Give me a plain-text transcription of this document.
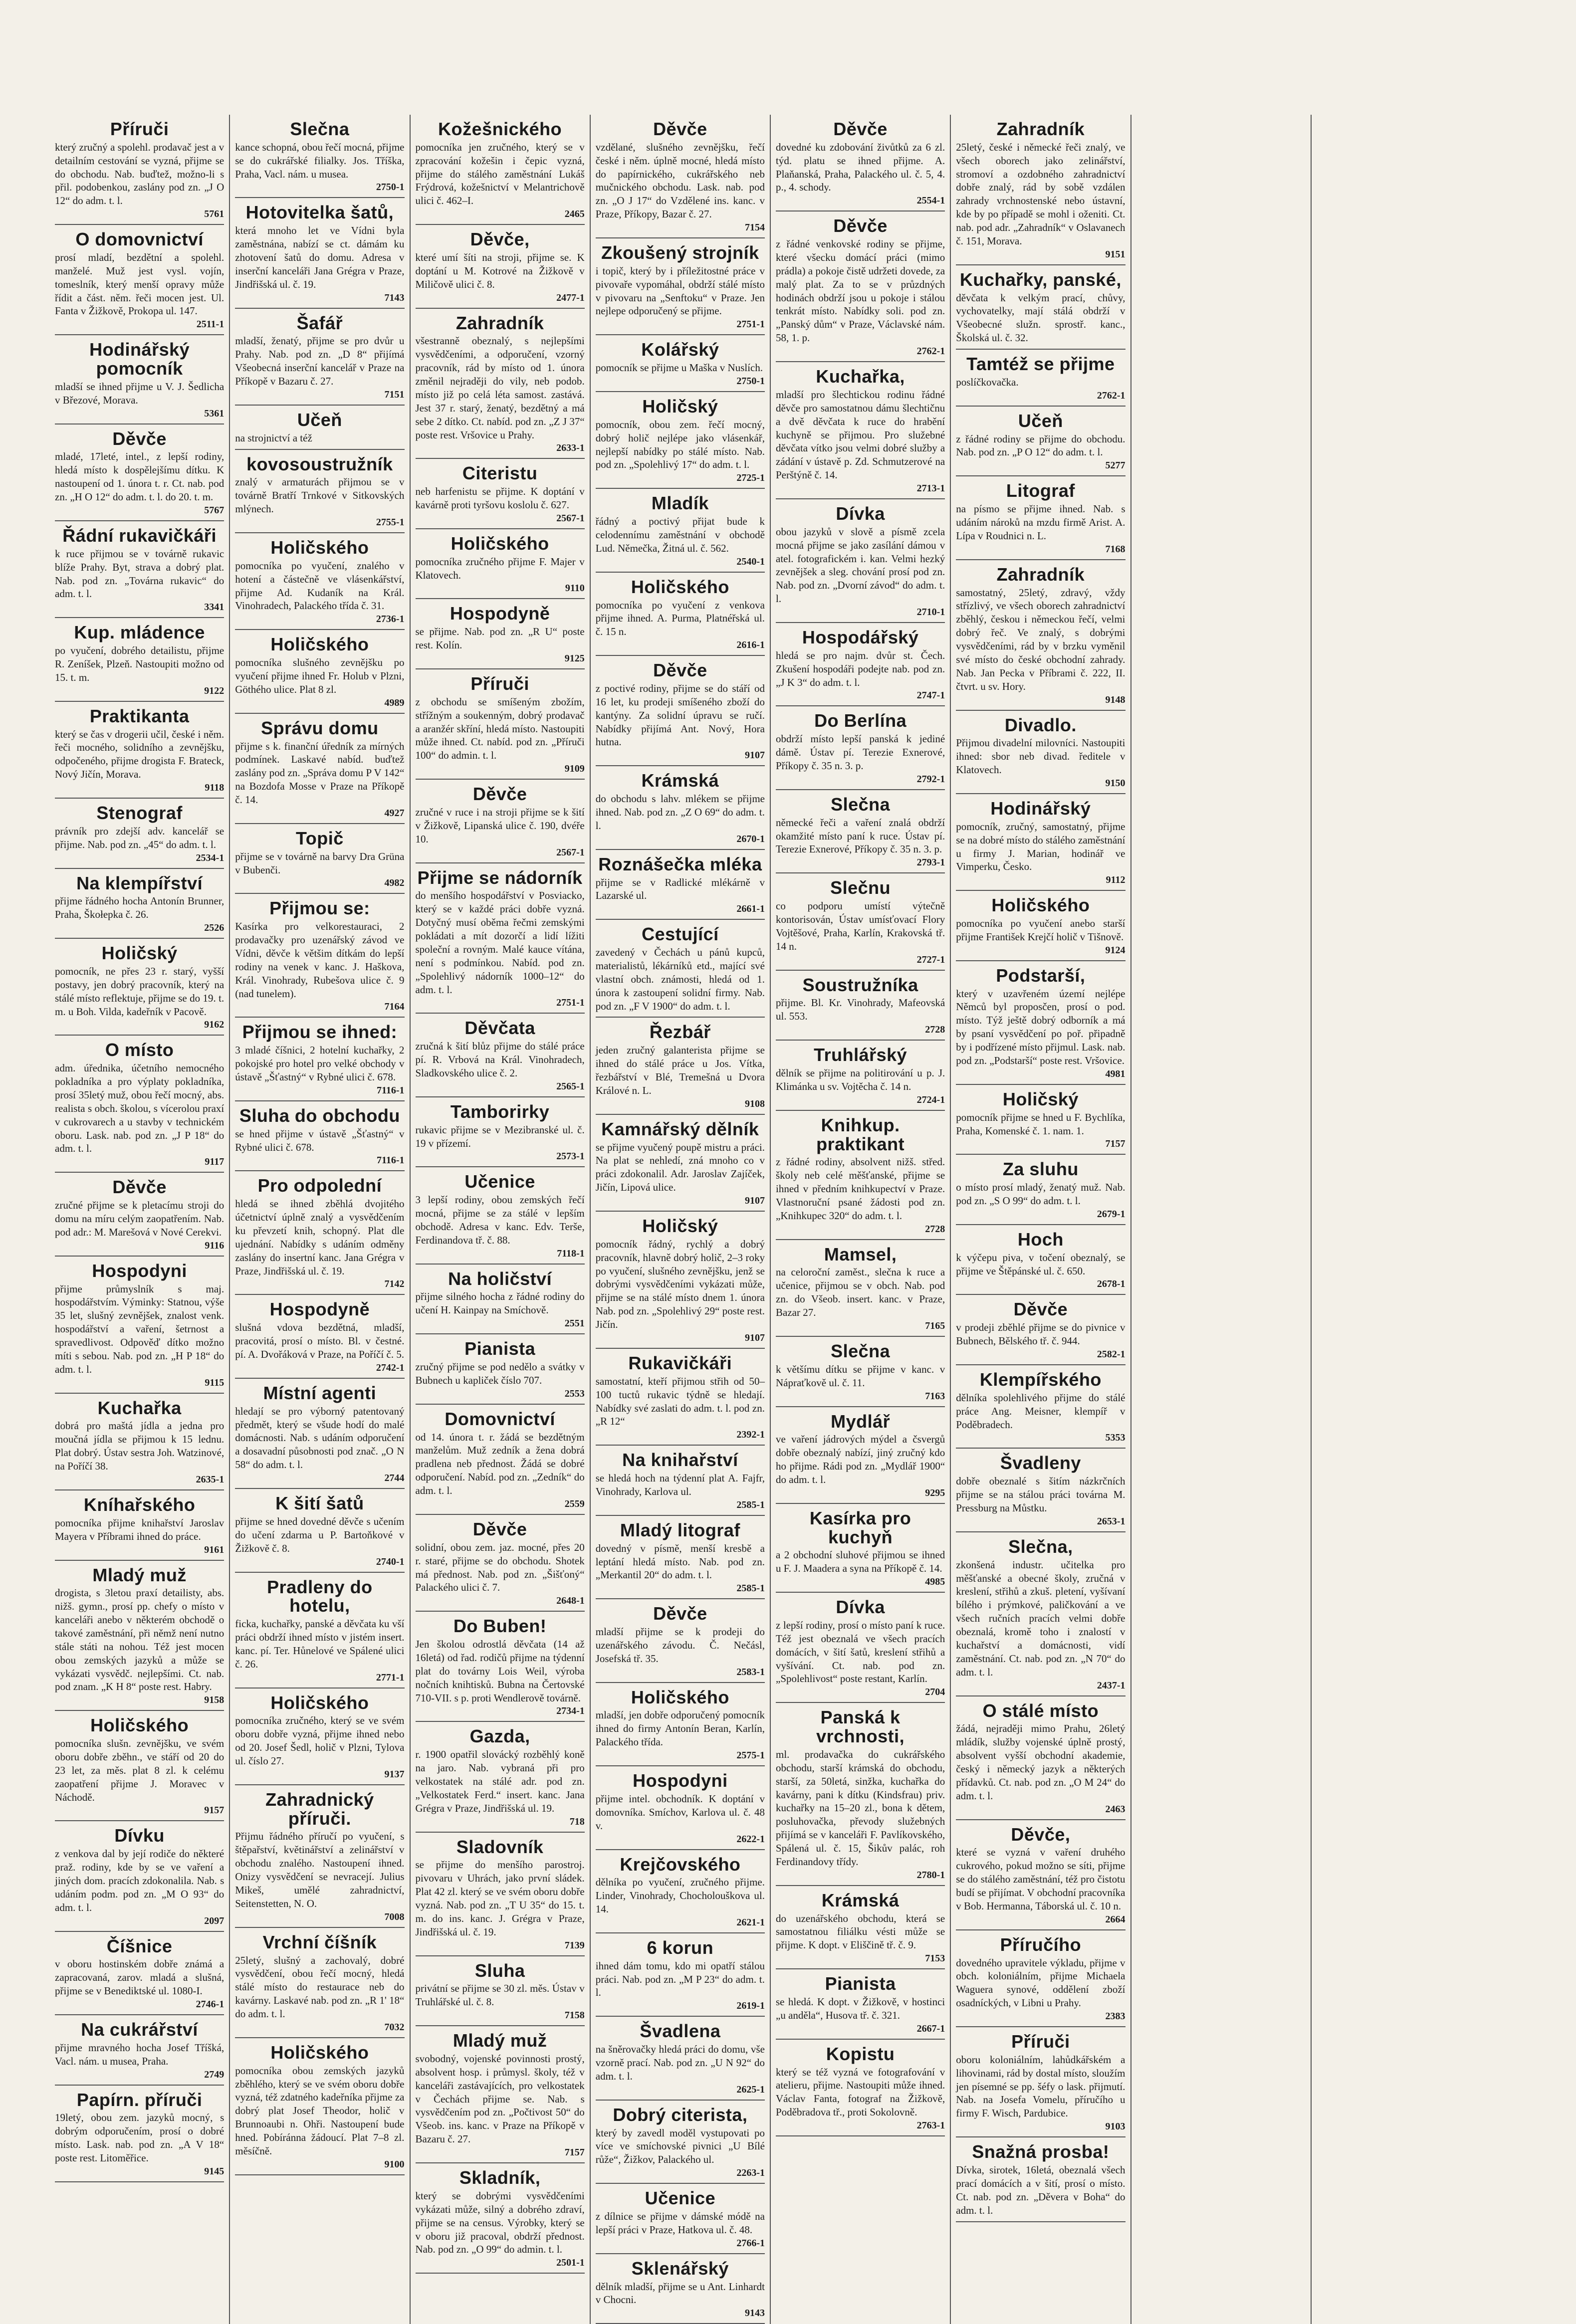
Příruči

který zručný a spolehl. prodavač jest a v detailním cestování se vyzná, přijme se do obchodu. Nab. buďtež, možno-li s přil. podobenkou, zaslány pod zn. „J O 12“ do adm. t. l.

5761
O domovnictví

prosí mladí, bezdětní a spolehl. manželé. Muž jest vysl. vojín, tomeslník, který menší opravy může řídit a část. něm. řeči mocen jest. Ul. Fanta v Žižkově, Prokopa ul. 147.

2511-1
Hodinářský pomocník

mladší se ihned přijme u V. J. Šedlicha v Březové, Morava.

5361
Děvče

mladé, 17leté, intel., z lepší rodiny, hledá místo k dospělejšímu dítku. K nastoupení od 1. února t. r. Ct. nab. pod zn. „H O 12“ do adm. t. l. do 20. t. m.

5767
Řádní rukavičkáři

k ruce přijmou se v továrně rukavic blíže Prahy. Byt, strava a dobrý plat. Nab. pod zn. „Továrna rukavic“ do adm. t. l.

3341
Kup. mládence

po vyučení, dobrého detailistu, přijme R. Zeníšek, Plzeň. Nastoupiti možno od 15. t. m.

9122
Praktikanta

který se čas v drogerii učil, české i něm. řeči mocného, solidního a zevnějšku, odpočeného, přijme drogista F. Brateck, Nový Jičín, Morava.

9118
Stenograf

právník pro zdejší adv. kancelář se přijme. Nab. pod zn. „45“ do adm. t. l.

2534-1
Na klempířství

přijme řádného hocha Antonín Brunner, Praha, Škołepka č. 26.

2526
Holičský

pomocník, ne přes 23 r. starý, vyšší postavy, jen dobrý pracovník, který na stálé místo reflektuje, přijme se do 19. t. m. u Boh. Vilda, kadeřník v Pacově.

9162
O místo

adm. úřednika, účetního nemocného pokladníka a pro výplaty pokladníka, prosí 35letý muž, obou řečí mocný, abs. realista s obch. školou, s vícerolou praxí v cukrovarech a u stavby v technickém oboru. Lask. nab. pod zn. „J P 18“ do adm. t. l.

9117
Děvče

zručné přijme se k pletacímu stroji do domu na míru celým zaopatřením. Nab. pod adr.: M. Marešová v Nové Cerekvi.

9116
Hospodyni

přijme průmyslník s maj. hospodářstvím. Výminky: Statnou, výše 35 let, slušný zevnějšek, znalost venk. hospodářství a vaření, šetrnost a spravedlivost. Odpověď dítko možno míti s sebou. Nab. pod zn. „H P 18“ do adm. t. l.

9115
Kuchařka

dobrá pro maštá jídla a jedna pro moučná jídla se přijmou k 15 lednu. Plat dobrý. Ústav sestra Joh. Watzinové, na Poříčí 38.

2635-1
Kníhařského

pomocníka přijme knihařství Jaroslav Mayera v Příbrami ihned do práce.

9161
Mladý muž

drogista, s 3letou praxí detailisty, abs. nižš. gymn., prosí pp. chefy o místo v kanceláři anebo v některém obchodě o takové zaměstnání, při němž není nutno stále státi na nohou. Též jest mocen obou zemských jazyků a může se vykázati vysvědč. nejlepšími. Ct. nab. pod znam. „K H 8“ poste rest. Habry.

9158
Holičského

pomocníka slušn. zevnějšku, ve svém oboru dobře zběhn., ve stáří od 20 do 23 let, za měs. plat 8 zl. k celému zaopatření přijme J. Moravec v Náchodě.

9157
Dívku

z venkova dal by její rodiče do některé praž. rodiny, kde by se ve vaření a jiných dom. pracích zdokonalila. Nab. s udáním podm. pod zn. „M O 93“ do adm. t. l.

2097
Číšnice

v oboru hostinském dobře známá a zapracovaná, zarov. mladá a slušná, přijme se v Benediktské ul. 1080-I.

2746-1
Na cukrářství

přijme mravného hocha Josef Tříšká, Vacl. nám. u musea, Praha.

2749
Papírn. příruči

19letý, obou zem. jazyků mocný, s dobrým odporučením, prosí o dobré místo. Lask. nab. pod zn. „A V 18“ poste rest. Litoměřice.

9145
Slečna

kance schopná, obou řečí mocná, přijme se do cukrářské filialky. Jos. Tříška, Praha, Vacl. nám. u musea.

2750-1
Hotovitelka šatů,

která mnoho let ve Vídni byla zaměstnána, nabízí se ct. dámám ku zhotovení šatů do domu. Adresa v inserční kanceláři Jana Grégra v Praze, Jindřišská ul. č. 19.

7143
Šafář

mladší, ženatý, přijme se pro dvůr u Prahy. Nab. pod zn. „D 8“ přijímá Všeobecná inserční kancelář v Praze na Příkopě v Bazaru č. 27.

7151
Učeň

na strojnictví a též

kovosoustružník

znalý v armaturách přijmou se v továrně Bratří Trnkové v Sitkovských mlýnech.

2755-1
Holičského

pomocníka po vyučení, znalého v hotení a částečně ve vlásenkářství, přijme Ad. Kudaník na Král. Vinohradech, Palackého třída č. 31.

2736-1
Holičského

pomocníka slušného zevnějšku po vyučení přijme ihned Fr. Holub v Plzni, Göthého ulice. Plat 8 zl.

4989
Správu domu

přijme s k. finanční úředník za mírných podmínek. Laskavé nabíd. buďtež zaslány pod zn. „Správa domu P V 142“ na Bozdofa Mosse v Praze na Příkopě č. 14.

4927
Topič

přijme se v továrně na barvy Dra Grüna v Bubenči.

4982
Přijmou se:

Kasírka pro velkorestauraci, 2 prodavačky pro uzenářský závod ve Vídni, děvče k většim dítkám do lepší rodiny na venek v kanc. J. Haškova, Král. Vinohrady, Rubešova ulice č. 9 (nad tunelem).

7164
Přijmou se ihned:

3 mladé číšnici, 2 hotelní kuchařky, 2 pokojské pro hotel pro velké obchody v ústavě „Šťastný“ v Rybné ulici č. 678.

7116-1
Sluha do obchodu

se hned přijme v ústavě „Šťastný“ v Rybné ulici č. 678.

7116-1
Pro odpolední

hledá se ihned zběhlá dvojitého účetnictví úplně znalý a vysvědčením ku převzetí knih, schopný. Plat dle ujednání. Nabídky s udáním odměny zaslány do insertní kanc. Jana Grégra v Praze, Jindřišská ul. č. 19.

7142
Hospodyně

slušná vdova bezdětná, mladší, pracovitá, prosí o místo. Bl. v čestné. pí. A. Dvořáková v Praze, na Poříčí č. 5.

2742-1
Místní agenti

hledají se pro výborný patentovaný předmět, který se všude hodí do malé domácnosti. Nab. s udáním odporučení a dosavadní působnosti pod znač. „O N 58“ do adm. t. l.

2744
K šití šatů

přijme se hned dovedné děvče s učením do učení zdarma u P. Bartoňkové v Žižkově č. 8.

2740-1
Pradleny do hotelu,

ficka, kuchařky, panské a děvčata ku vší práci obdrží ihned místo v jistém insert. kanc. pí. Ter. Hůnelové ve Spálené ulici č. 26.

2771-1
Holičského

pomocníka zručného, který se ve svém oboru dobře vyzná, přijme ihned nebo od 20. Josef Šedl, holič v Plzni, Tylova ul. číslo 27.

9137
Zahradnický příruči.

Přijmu řádného příručí po vyučení, s štěpařství, květinářství a zelinářství v obchodu znalého. Nastoupení ihned. Onizy vysvědčení se nevracejí. Julius Mikeš, umělé zahradnictví, Seitenstetten, N. O.

7008
Vrchní číšník

25letý, slušný a zachovalý, dobré vysvědčení, obou řečí mocný, hledá stálé místo do restaurace neb do kavárny. Laskavé nab. pod zn. „R 1' 18“ do adm. t. l.

7032
Holičského

pomocníka obou zemských jazyků zběhlého, který se ve svém oboru dobře vyzná, též zdatného kadeřníka přijme za dobrý plat Josef Theodor, holič v Brunnoaubi n. Ohři. Nastoupení bude hned. Pobíránna žádoucí. Plat 7–8 zl. měsíčně.

9100
Kožešnického

pomocníka jen zručného, který se v zpracování kožešin i čepic vyzná, přijme do stálého zaměstnání Lukáš Frýdrová, kožešnictví v Melantrichově ulici č. 462–I.

2465
Děvče,

které umí šíti na stroji, přijme se. K doptání u M. Kotrové na Žižkově v Miličově ulici č. 8.

2477-1
Zahradník

všestranně obeznalý, s nejlepšími vysvědčeními, a odporučení, vzorný pracovník, rád by místo od 1. února změnil nejraději do vily, neb podob. místo již po celá léta samost. zastává. Jest 37 r. starý, ženatý, bezdětný a má sebe 2 dítko. Ct. nabíd. pod zn. „Z J 37“ poste rest. Vršovice u Prahy.

2633-1
Citeristu

neb harfenistu se přijme. K doptání v kavárně proti tyršovu koslolu č. 627.

2567-1
Holičského

pomocníka zručného přijme F. Majer v Klatovech.

9110
Hospodyně

se přijme. Nab. pod zn. „R U“ poste rest. Kolín.

9125
Příruči

z obchodu se smíšeným zbožím, střížným a soukenným, dobrý prodavač a aranžér skříní, hledá místo. Nastoupiti může ihned. Ct. nabíd. pod zn. „Příruči 100“ do admin. t. l.

9109
Děvče

zručné v ruce i na stroji přijme se k šití v Žižkově, Lipanská ulice č. 190, dvéře 10.

2567-1
Přijme se nádorník

do menšího hospodářství v Posviacko, který se v každé práci dobře vyzná. Dotyčný musí oběma řečmi zemskými pokládati a mít dozorčí a lidí lížiti společní a rovným. Malé kauce vítána, není s podmínkou. Nabíd. pod zn. „Spolehlivý nádorník 1000–12“ do adm. t. l.

2751-1
Děvčata

zručná k šití blůz přijme do stálé práce pí. R. Vrbová na Král. Vinohradech, Sladkovského ulice č. 2.

2565-1
Tamborirky

rukavic přijme se v Mezibranské ul. č. 19 v přízemí.

2573-1
Učenice

3 lepší rodiny, obou zemských řečí mocná, přijme se za stálé v lepším obchodě. Adresa v kanc. Edv. Terše, Ferdinandova tř. č. 88.

7118-1
Na holičství

přijme silného hocha z řádné rodiny do učení H. Kainpay na Smíchově.

2551
Pianista

zručný přijme se pod nedělo a svátky v Bubnech u kapliček číslo 707.

2553
Domovnictví

od 14. února t. r. žádá se bezdětným manželům. Muž zedník a žena dobrá pradlena neb přednost. Žádá se dobré odporučení. Nabíd. pod zn. „Zedník“ do adm. t. l.

2559
Děvče

solidní, obou zem. jaz. mocné, přes 20 r. staré, přijme se do obchodu. Shotek má přednost. Nab. pod zn. „Šišťoný“ Palackého ulici č. 7.

2648-1
Do Buben!

Jen školou odrostlá děvčata (14 až 16letá) od řad. rodičů přijme na týdenní plat do továrny Lois Weil, výroba nočních knihtisků. Bubna na Čertovské 710-VII. s p. proti Wendlerově továrně.

2734-1
Gazda,

r. 1900 opatřil slovácký rozběhlý koně na jaro. Nab. vybraná při pro velkostatek na stálé adr. pod zn. „Velkostatek Ferd.“ insert. kanc. Jana Grégra v Praze, Jindřišská ul. 19.

718
Sladovník

se přijme do menšího parostroj. pivovaru v Uhrách, jako první sládek. Plat 42 zl. který se ve svém oboru dobře vyzná. Nab. pod zn. „T U 35“ do 15. t. m. do ins. kanc. J. Grégra v Praze, Jindřišská ul. č. 19.

7139
Sluha

privátní se přijme se 30 zl. měs. Ústav v Truhlářské ul. č. 8.

7158
Mladý muž

svobodný, vojenské povinnosti prostý, absolvent hosp. i průmysl. školy, též v kanceláři zastávajících, pro velkostatek v Čechách přijme se. Nab. s vysvědčením pod zn. „Počtivost 50“ do Všeob. ins. kanc. v Praze na Příkopě v Bazaru č. 27.

7157
Skladník,

který se dobrými vysvědčeními vykázati může, silný a dobrého zdraví, přijme se na census. Výrobky, který se v oboru již pracoval, obdrží přednost. Nab. pod zn. „O 99“ do admin. t. l.

2501-1
Děvče

vzdělané, slušného zevnějšku, řečí české i něm. úplně mocné, hledá místo do papírnického, cukrářského neb mučnického obchodu. Lask. nab. pod zn. „O J 17“ do Vzdělené ins. kanc. v Praze, Příkopy, Bazar č. 27.

7154
Zkoušený strojník

i topič, který by i příležitostné práce v pivovaře vypomáhal, obdrží stálé místo v pivovaru na „Senftoku“ v Praze. Jen nejlepe odporučený se přijme.

2751-1
Kolářský

pomocník se přijme u Maška v Nuslích.

2750-1
Holičský

pomocník, obou zem. řečí mocný, dobrý holič nejlépe jako vlásenkář, nejlepší nabídky po stálé místo. Nab. pod zn. „Spolehlivý 17“ do adm. t. l.

2725-1
Mladík

řádný a poctivý přijat bude k celodennímu zaměstnání v obchodě Lud. Němečka, Žitná ul. č. 562.

2540-1
Holičského

pomocníka po vyučení z venkova přijme ihned. A. Purma, Platnéřská ul. č. 15 n.

2616-1
Děvče

z poctivé rodiny, přijme se do stáří od 16 let, ku prodeji smíšeného zboží do kantýny. Za solidní úpravu se ručí. Nabídky přijímá Ant. Nový, Hora hutna.

9107
Krámská

do obchodu s lahv. mlékem se přijme ihned. Nab. pod zn. „Z O 69“ do adm. t. l.

2670-1
Roznášečka mléka

přijme se v Radlické mlékárně v Lazarské ul.

2661-1
Cestující

zavedený v Čechách u pánů kupců, materialistů, lékárníků etd., mající své vlastní obch. známosti, hledá od 1. února k zastoupení solidní firmy. Nab. pod zn. „F V 1900“ do adm. t. l.

Řezbář

jeden zručný galanterista přijme se ihned do stálé práce u Jos. Vítka, řezbářství v Blé, Tremešná u Dvora Králové n. L.

9108
Kamnářský dělník

se přijme vyučený poupě mistru a práci. Na plat se nehledí, zná mnoho co v práci zdokonalil. Adr. Jaroslav Zajíček, Jičín, Lipová ulice.

9107
Holičský

pomocník řádný, rychlý a dobrý pracovník, hlavně dobrý holič, 2–3 roky po vyučení, slušného zevnějšku, jenž se dobrými vysvědčeními vykázati může, přijme se na stálé místo dnem 1. února Nab. pod zn. „Spolehlivý 29“ poste rest. Jičín.

9107
Rukavičkáři

samostatní, kteří přijmou střih od 50–100 tuctů rukavic týdně se hledají. Nabídky své zaslati do adm. t. l. pod zn. „R 12“

2392-1
Na knihařství

se hledá hoch na týdenní plat A. Fajfr, Vinohrady, Karlova ul.

2585-1
Mladý litograf

dovedný v písmě, menší kresbě a leptání hledá místo. Nab. pod zn. „Merkantil 20“ do adm. t. l.

2585-1
Děvče

mladší přijme se k prodeji do uzenářského závodu. Č. Nečásl, Josefská tř. 35.

2583-1
Holičského

mladší, jen dobře odporučený pomocník ihned do firmy Antonín Beran, Karlín, Palackého třída.

2575-1
Hospodyni

přijme intel. obchodník. K doptání v domovníka. Smíchov, Karlova ul. č. 48 v.

2622-1
Krejčovského

dělníka po vyučení, zručného přijme. Linder, Vinohrady, Chocholouškova ul. 14.

2621-1
6 korun

ihned dám tomu, kdo mi opatří stálou práci. Nab. pod zn. „M P 23“ do adm. t. l.

2619-1
Švadlena

na šněrovačky hledá práci do domu, vše vzorně prací. Nab. pod zn. „U N 92“ do adm. t. l.

2625-1
Dobrý citerista,

který by zavedl moděl vystupovati po více ve smíchovské pivnici „U Bílé růže“, Žižkov, Palackého ul.

2263-1
Učenice

z dílnice se přijme v dámské módě na lepší práci v Praze, Hatkova ul. č. 48.

2766-1
Sklenářský

dělník mladší, přijme se u Ant. Linhardt v Chocni.

9143
Děvče

dovedné ku zdobování živůtků za 6 zl. týd. platu se ihned přijme. A. Plaňanská, Praha, Palackého ul. č. 5, 4. p., 4. schody.

2554-1
Děvče

z řádné venkovské rodiny se přijme, které všecku domácí práci (mimo prádla) a pokoje čistě udržeti dovede, za malý plat. Za to se v průzdných hodinách obdrží jsou u pokoje i stálou tenkrát místo. Nabídky soli. pod zn. „Panský dům“ v Praze, Václavské nám. 58, 1. p.

2762-1
Kuchařka,

mladší pro šlechtickou rodinu řádné děvče pro samostatnou dámu šlechtičnu a dvě děvčata k ruce do hrabění kuchyně se přijmou. Pro služebné děvčata vítko jsou velmi dobré služby a zádání v ústavě p. Zd. Schmutzerové na Perštýně č. 14.

2713-1
Dívka

obou jazyků v slově a písmě zcela mocná přijme se jako zasílání dámou v atel. fotografickém i. kan. Velmi hezký zevnějšek a sleg. chování prosí pod zn. Nab. pod zn. „Dvorní závod“ do adm. t. l.

2710-1
Hospodářský

hledá se pro najm. dvůr st. Čech. Zkušení hospodáři podejte nab. pod zn. „J K 3“ do adm. t. l.

2747-1
Do Berlína

obdrží místo lepší panská k jediné dámě. Ústav pí. Terezie Exnerové, Příkopy č. 35 n. 3. p.

2792-1
Slečna

německé řeči a vaření znalá obdrží okamžité místo paní k ruce. Ústav pí. Terezie Exnerové, Příkopy č. 35 n. 3. p.

2793-1
Slečnu

co podporu umístí výtečně kontorisován, Ústav umísťovací Flory Vojtěšové, Praha, Karlín, Krakovská tř. 14 n.

2727-1
Soustružníka

přijme. Bl. Kr. Vinohrady, Mafeovská ul. 553.

2728
Truhlářský

dělník se přijme na politirování u p. J. Klimánka u sv. Vojtěcha č. 14 n.

2724-1
Knihkup. praktikant

z řádné rodiny, absolvent nižš. střed. školy neb celé měšťanské, přijme se ihned v předním knihkupectví v Praze. Vlastnoruční psané žádosti pod zn. „Knihkupec 320“ do adm. t. l.

2728
Mamsel,

na celoroční zaměst., slečna k ruce a učenice, přijmou se v obch. Nab. pod zn. do Všeob. insert. kanc. v Praze, Bazar 27.

7165
Slečna

k většímu dítku se přijme v kanc. v Nápraťkově ul. č. 11.

7163
Mydlář

ve vaření jádrových mýdel a čsvergů dobře obeznalý nabízí, jiný zručný kdo ho přijme. Rádi pod zn. „Mydlář 1900“ do adm. t. l.

9295
Kasírka pro kuchyň

a 2 obchodní sluhové přijmou se ihned u F. J. Maadera a syna na Příkopě č. 14.

4985
Dívka

z lepší rodiny, prosí o místo paní k ruce. Též jest obeznalá ve všech pracích domácích, v šití šatů, kreslení střihů a vyšívání. Ct. nab. pod zn. „Spolehlivost“ poste restant, Karlín.

2704
Panská k vrchnosti,

ml. prodavačka do cukrářského obchodu, starší krámská do obchodu, starší, za 50letá, sinžka, kuchařka do kavárny, pani k dítku (Kindsfrau) priv. kuchařky na 15–20 zl., bona k dětem, posluhovačka, převody služebných přijímá se v kanceláři F. Pavlíkovského, Spálená ul. č. 15, Šikův palác, roh Ferdinandovy třídy.

2780-1
Krámská

do uzenářského obchodu, která se samostatnou filiálku vésti může se přijme. K dopt. v Eliščině tř. č. 9.

7153
Pianista

se hledá. K dopt. v Žižkově, v hostinci „u anděla“, Husova tř. č. 321.

2667-1
Kopistu

který se též vyzná ve fotografování v atelieru, přijme. Nastoupiti může ihned. Václav Fanta, fotograf na Žižkově, Poděbradova tř., proti Sokolovně.

2763-1
Zahradník

25letý, české i německé řeči znalý, ve všech oborech jako zelinářství, stromoví a ozdobného zahradnictví dobře znalý, rád by sobě vzdálen zahrady vrchnostenské nebo ústavní, kde by po případě se mohl i oženiti. Ct. nab. pod adr. „Zahradník“ v Oslavanech č. 151, Morava.

9151
Kuchařky, panské,

děvčata k velkým prací, chůvy, vychovatelky, mají stálá obdrží v Všeobecné služn. sprostř. kanc., Školská ul. č. 32.

Tamtéž se přijme

poslíčkovačka.

2762-1
Učeň

z řádné rodiny se přijme do obchodu. Nab. pod zn. „P O 12“ do adm. t. l.

5277
Litograf

na písmo se přijme ihned. Nab. s udáním nároků na mzdu firmě Arist. A. Lípa v Roudnici n. L.

7168
Zahradník

samostatný, 25letý, zdravý, vždy střízlivý, ve všech oborech zahradnictví zběhlý, českou i německou řečí, velmi dobrý řeč. Ve znalý, s dobrými vysvědčeními, rád by v brzku vyměnil své místo do české obchodní zahrady. Nab. Jan Pecka v Příbrami č. 222, II. čtvrt. u sv. Hory.

9148
Divadlo.

Přijmou divadelní milovníci. Nastoupiti ihned: sbor neb divad. ředitele v Klatovech.

9150
Hodinářský

pomocník, zručný, samostatný, přijme se na dobré místo do stálého zaměstnání u firmy J. Marian, hodinář ve Vimperku, Česko.

9112
Holičského

pomocníka po vyučení anebo starší přijme František Krejčí holič v Tišnově.

9124
Podstarší,

který v uzavřeném území nejlépe Němců byl proposčen, prosí o pod. místo. Týž ještě dobrý odborník a má by psaní vysvědčení po poř. připadně by i podřízené místo přijmul. Lask. nab. pod zn. „Podstarší“ poste rest. Vršovice.

4981
Holičský

pomocník přijme se hned u F. Bychlíka, Praha, Komenské č. 1. nam. 1.

7157
Za sluhu

o místo prosí mladý, ženatý muž. Nab. pod zn. „S O 99“ do adm. t. l.

2679-1
Hoch

k výčepu piva, v točení obeznalý, se přijme ve Štěpánské ul. č. 650.

2678-1
Děvče

v prodeji zběhlé přijme se do pivnice v Bubnech, Bělského tř. č. 944.

2582-1
Klempířského

dělníka spolehlivého přijme do stálé práce Ang. Meisner, klempíř v Poděbradech.

5353
Švadleny

dobře obeznalé s šitím názkrčních přijme se na stálou práci továrna M. Pressburg na Můstku.

2653-1
Slečna,

zkonšená industr. učitelka pro měšťanské a obecné školy, zručná v kreslení, střihů a zkuš. pletení, vyšívaní bílého i prýmkové, paličkování a ve všech ručních pracích velmi dobře obeznalá, kromě toho i znalostí v kuchařství a domácnosti, vidí zaměstnání. Ct. nab. pod zn. „N 70“ do adm. t. l.

2437-1
O stálé místo

žádá, nejraději mimo Prahu, 26letý mládík, služby vojenské úplně prostý, absolvent vyšší obchodní akademie, český i německý jazyk a některých přídavků. Ct. nab. pod zn. „O M 24“ do adm. t. l.

2463
Děvče,

které se vyzná v vaření druhého cukrového, pokud možno se síti, přijme se do stálého zaměstnání, též pro čistotu budí se přijímat. V obchodní pracovníka v Bob. Hermanna, Táborská ul. č. 10 n.

2664
Příručího

dovedného upravitele výkladu, přijme v obch. koloniálním, přijme Michaela Waguera synové, oddělení zboží osadníckých, v Libni u Prahy.

2383
Příruči

oboru koloniálním, lahůdkářském a lihovinami, rád by dostal místo, sloužím jen písemné se pp. šéfy o lask. přijmutí. Nab. na Josefa Vomelu, příručího u firmy F. Wisch, Pardubice.

9103
Snažná prosba!

Dívka, sirotek, 16letá, obeznalá všech prací domácích a v šití, prosí o místo. Ct. nab. pod zn. „Děvera v Boha“ do adm. t. l.
